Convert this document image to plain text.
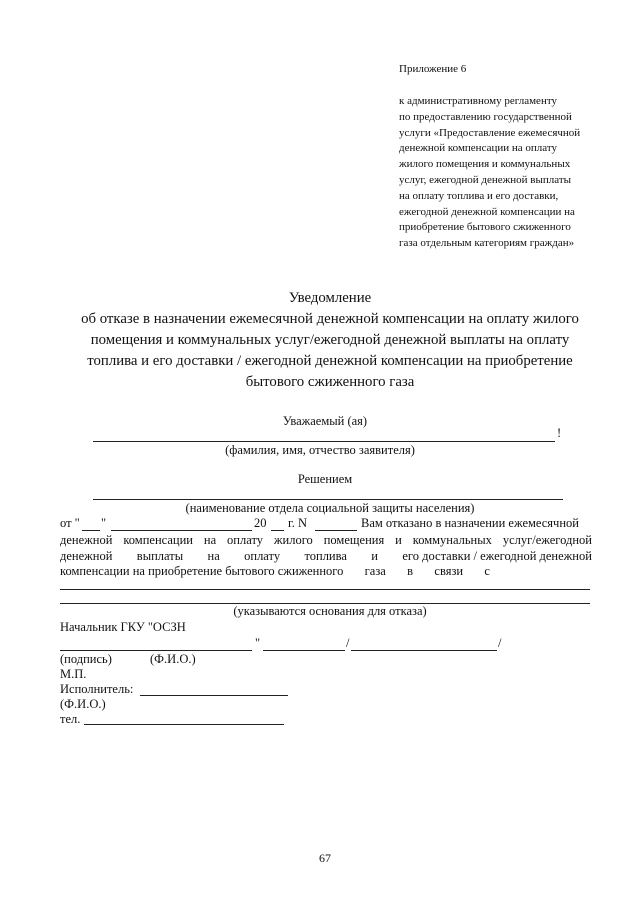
Приложение 6
к административному регламенту
по предоставлению государственной
услуги «Предоставление ежемесячной
денежной компенсации на оплату
жилого помещения и коммунальных
услуг, ежегодной денежной выплаты
на оплату топлива и его доставки,
ежегодной денежной компенсации на
приобретение бытового сжиженного
газа отдельным категориям граждан»
Уведомление
об отказе в назначении ежемесячной денежной компенсации на оплату жилого
помещения и коммунальных услуг/ежегодной денежной выплаты на оплату
топлива и его доставки / ежегодной денежной компенсации на приобретение
бытового сжиженного газа
Уважаемый (ая)
!
(фамилия, имя, отчество заявителя)
Решением
(наименование отдела социальной защиты населения)
от " "	20 г. N	Вам отказано в назначении ежемесячной
денежной компенсации на оплату жилого помещения и коммунальных услуг/ежегодной
денежной выплаты на оплату топлива и его доставки / ежегодной денежной
компенсации на приобретение бытового сжиженного газа в связи с
(указываются основания для отказа)
Начальник ГКУ "ОСЗН
"	/	/
(подпись)	(Ф.И.О.)
М.П.
Исполнитель:
(Ф.И.О.)
тел.
67
